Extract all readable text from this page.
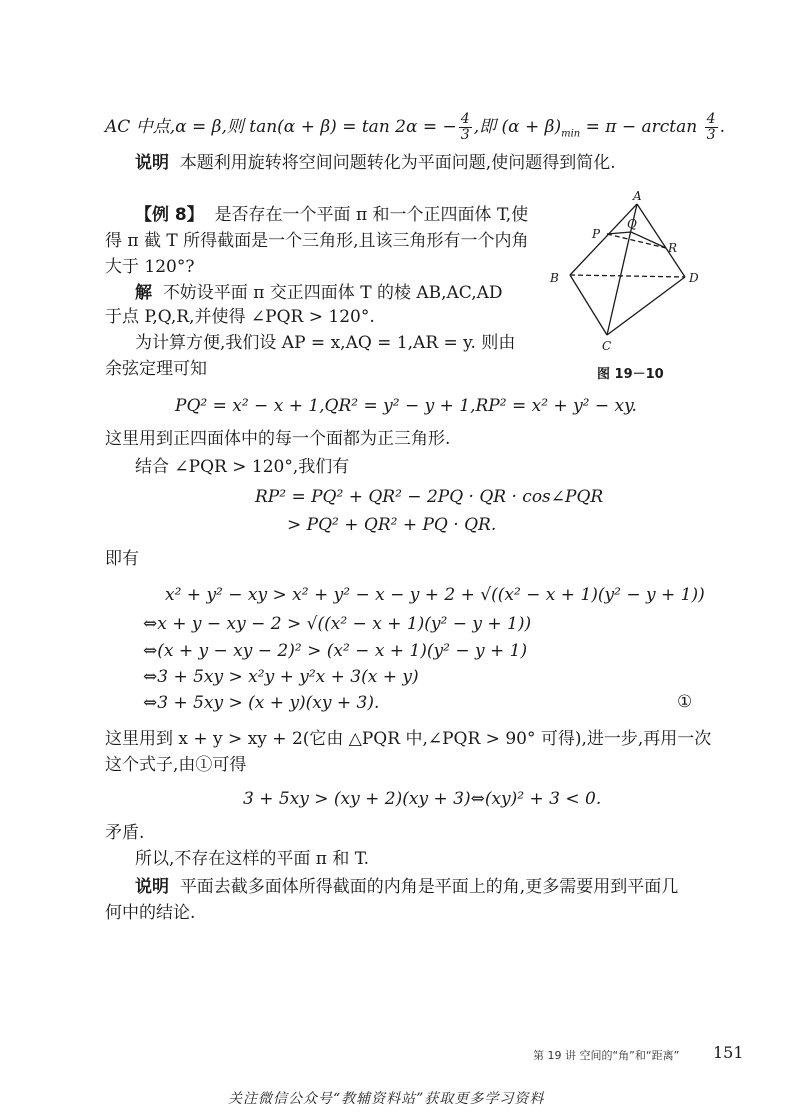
AC 中点,α = β,则 tan(α + β) = tan 2α = − $\frac{4}{3}$ ,即 $(\alpha + \beta)_{min} = \pi - \arctan \frac{4}{3}$ .
说明 本题利用旋转将空间问题转化为平面问题,使问题得到简化.
【例 8】 是否存在一个平面 π 和一个正四面体 T,使
得 π 截 T 所得截面是一个三角形,且该三角形有一个内角
大于 120°?
解 不妨设平面 π 交正四面体 T 的棱 AB,AC,AD
于点 P,Q,R,并使得 ∠PQR > 120°.
为计算方便,我们设 AP = x,AQ = 1,AR = y. 则由
余弦定理可知
A
B
C
D
P
Q
R
图 19－10
PQ² = x² − x + 1,QR² = y² − y + 1,RP² = x² + y² − xy.
这里用到正四面体中的每一个面都为正三角形.
结合 ∠PQR > 120°,我们有
RP² = PQ² + QR² − 2PQ · QR · cos∠PQR
> PQ² + QR² + PQ · QR.
即有
x² + y² − xy > x² + y² − x − y + 2 + √((x² − x + 1)(y² − y + 1))
⇔x + y − xy − 2 > √((x² − x + 1)(y² − y + 1))
⇔(x + y − xy − 2)² > (x² − x + 1)(y² − y + 1)
⇔3 + 5xy > x²y + y²x + 3(x + y)
⇔3 + 5xy > (x + y)(xy + 3).	①
这里用到 x + y > xy + 2(它由 △PQR 中,∠PQR > 90° 可得),进一步,再用一次
这个式子,由①可得
3 + 5xy > (xy + 2)(xy + 3)⇔(xy)² + 3 < 0.
矛盾.
所以,不存在这样的平面 π 和 T.
说明 平面去截多面体所得截面的内角是平面上的角,更多需要用到平面几
何中的结论.
第 19 讲 空间的“角”和“距离” 151
关注微信公众号“教辅资料站”获取更多学习资料
